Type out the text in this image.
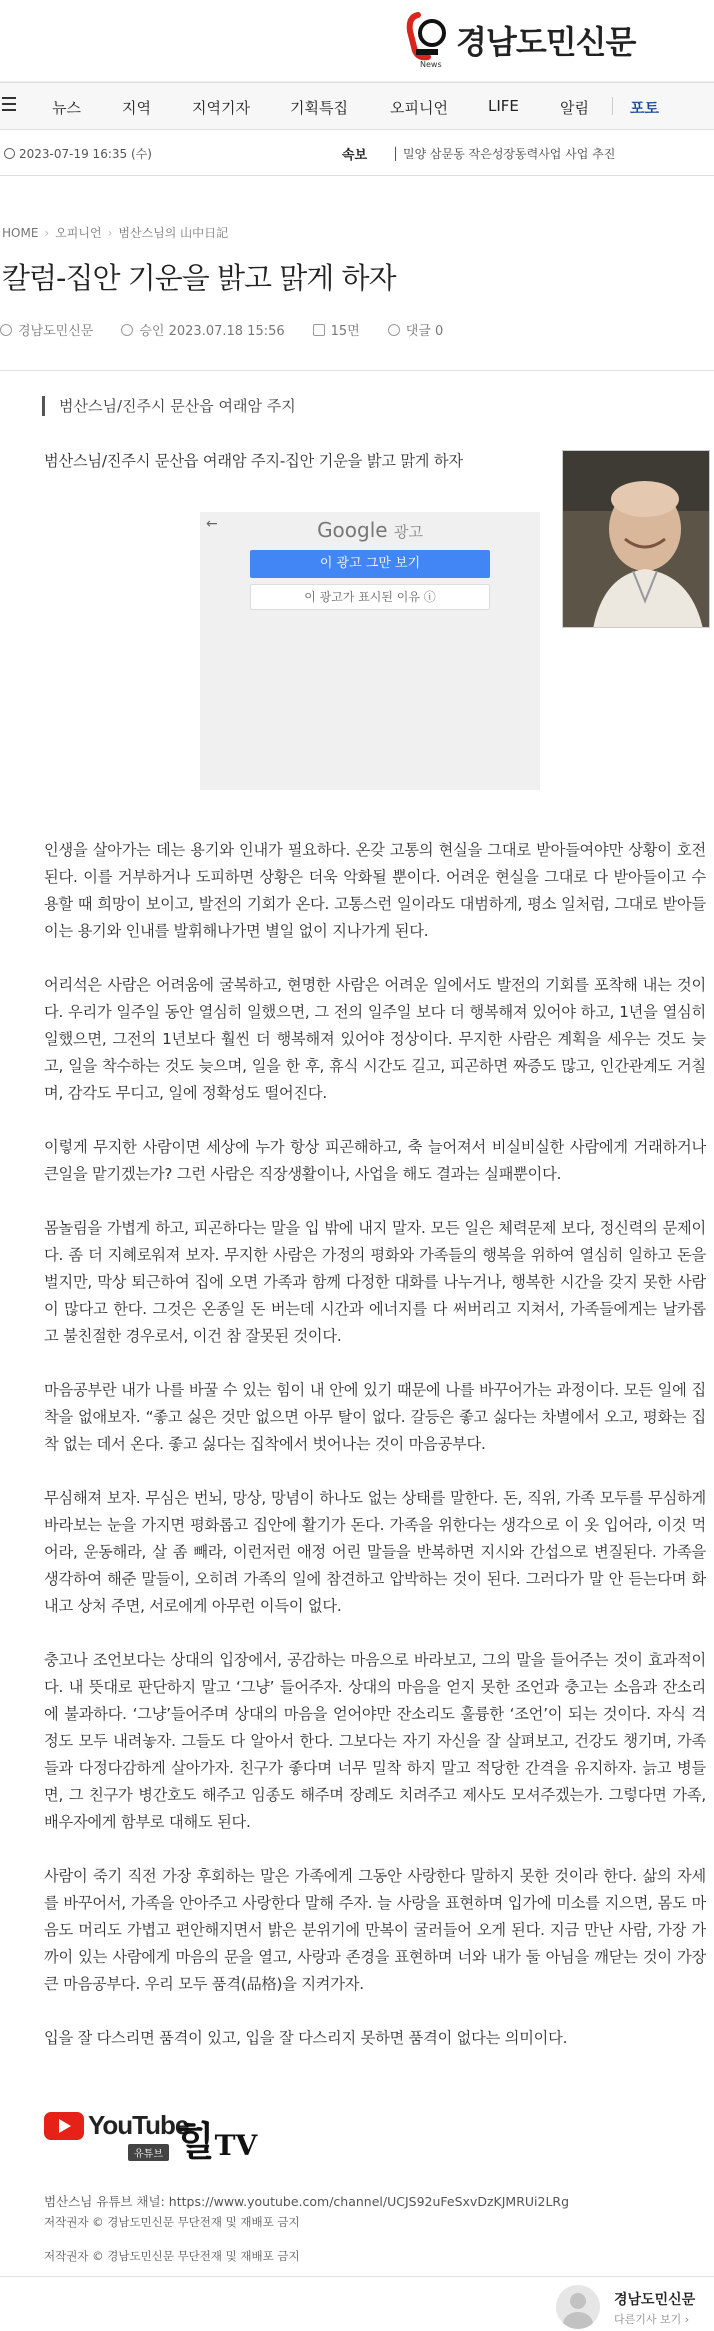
News
경남도민신문
뉴스	지역	지역기자	기획특집	오피니언	LIFE	알림	포토
2023-07-19 16:35 (수)	속보 │ 밀양 삼문동 작은성장동력사업 사업 추진
HOME › 오피니언 › 범산스님의 山中日記
칼럼-집안 기운을 밝고 맑게 하자
경남도민신문	승인 2023.07.18 15:56	15면	댓글 0
범산스님/진주시 문산읍 여래암 주지
←	Google 광고
이 광고 그만 보기
이 광고가 표시된 이유 ⓘ

범산스님/진주시 문산읍 여래암 주지-집안 기운을 밝고 맑게 하자

인생을 살아가는 데는 용기와 인내가 필요하다. 온갖 고통의 현실을 그대로 받아들여야만 상황이 호전된다. 이를 거부하거나 도피하면 상황은 더욱 악화될 뿐이다. 어려운 현실을 그대로 다 받아들이고 수용할 때 희망이 보이고, 발전의 기회가 온다. 고통스런 일이라도 대범하게, 평소 일처럼, 그대로 받아들이는 용기와 인내를 발휘해나가면 별일 없이 지나가게 된다.

어리석은 사람은 어려움에 굴복하고, 현명한 사람은 어려운 일에서도 발전의 기회를 포착해 내는 것이다. 우리가 일주일 동안 열심히 일했으면, 그 전의 일주일 보다 더 행복해져 있어야 하고, 1년을 열심히 일했으면, 그전의 1년보다 훨씬 더 행복해져 있어야 정상이다. 무지한 사람은 계획을 세우는 것도 늦고, 일을 착수하는 것도 늦으며, 일을 한 후, 휴식 시간도 길고, 피곤하면 짜증도 많고, 인간관계도 거칠며, 감각도 무디고, 일에 정확성도 떨어진다.

이렇게 무지한 사람이면 세상에 누가 항상 피곤해하고, 축 늘어져서 비실비실한 사람에게 거래하거나 큰일을 맡기겠는가? 그런 사람은 직장생활이나, 사업을 해도 결과는 실패뿐이다.

몸놀림을 가볍게 하고, 피곤하다는 말을 입 밖에 내지 말자. 모든 일은 체력문제 보다, 정신력의 문제이다. 좀 더 지혜로워져 보자. 무지한 사람은 가정의 평화와 가족들의 행복을 위하여 열심히 일하고 돈을 벌지만, 막상 퇴근하여 집에 오면 가족과 함께 다정한 대화를 나누거나, 행복한 시간을 갖지 못한 사람이 많다고 한다. 그것은 온종일 돈 버는데 시간과 에너지를 다 써버리고 지쳐서, 가족들에게는 날카롭고 불친절한 경우로서, 이건 참 잘못된 것이다.

마음공부란 내가 나를 바꿀 수 있는 힘이 내 안에 있기 때문에 나를 바꾸어가는 과정이다. 모든 일에 집착을 없애보자. “좋고 싫은 것만 없으면 아무 탈이 없다. 갈등은 좋고 싫다는 차별에서 오고, 평화는 집착 없는 데서 온다. 좋고 싫다는 집착에서 벗어나는 것이 마음공부다.

무심해져 보자. 무심은 번뇌, 망상, 망념이 하나도 없는 상태를 말한다. 돈, 직위, 가족 모두를 무심하게 바라보는 눈을 가지면 평화롭고 집안에 활기가 돈다. 가족을 위한다는 생각으로 이 옷 입어라, 이것 먹어라, 운동해라, 살 좀 빼라, 이런저런 애정 어린 말들을 반복하면 지시와 간섭으로 변질된다. 가족을 생각하여 해준 말들이, 오히려 가족의 일에 참견하고 압박하는 것이 된다. 그러다가 말 안 듣는다며 화내고 상처 주면, 서로에게 아무런 이득이 없다.

충고나 조언보다는 상대의 입장에서, 공감하는 마음으로 바라보고, 그의 말을 들어주는 것이 효과적이다. 내 뜻대로 판단하지 말고 ‘그냥’ 들어주자. 상대의 마음을 얻지 못한 조언과 충고는 소음과 잔소리에 불과하다. ‘그냥’들어주며 상대의 마음을 얻어야만 잔소리도 훌륭한 ‘조언’이 되는 것이다. 자식 걱정도 모두 내려놓자. 그들도 다 알아서 한다. 그보다는 자기 자신을 잘 살펴보고, 건강도 챙기며, 가족들과 다정다감하게 살아가자. 친구가 좋다며 너무 밀착 하지 말고 적당한 간격을 유지하자. 늙고 병들면, 그 친구가 병간호도 해주고 임종도 해주며 장례도 치려주고 제사도 모셔주겠는가. 그렇다면 가족, 배우자에게 함부로 대해도 된다.

사람이 죽기 직전 가장 후회하는 말은 가족에게 그동안 사랑한다 말하지 못한 것이라 한다. 삶의 자세를 바꾸어서, 가족을 안아주고 사랑한다 말해 주자. 늘 사랑을 표현하며 입가에 미소를 지으면, 몸도 마음도 머리도 가볍고 편안해지면서 밝은 분위기에 만복이 굴러들어 오게 된다. 지금 만난 사람, 가장 가까이 있는 사람에게 마음의 문을 열고, 사랑과 존경을 표현하며 너와 내가 둘 아님을 깨닫는 것이 가장 큰 마음공부다. 우리 모두 품격(品格)을 지켜가자.

입을 잘 다스리면 품격이 있고, 입을 잘 다스리지 못하면 품격이 없다는 의미이다.

YouTube
유튜브 힐TV
범산스님 유튜브 채널: https://www.youtube.com/channel/UCJS92uFeSxvDzKJMRUi2LRg
저작권자 © 경남도민신문 무단전재 및 재배포 금지
저작권자 © 경남도민신문 무단전재 및 재배포 금지
경남도민신문
다른기사 보기 ›
